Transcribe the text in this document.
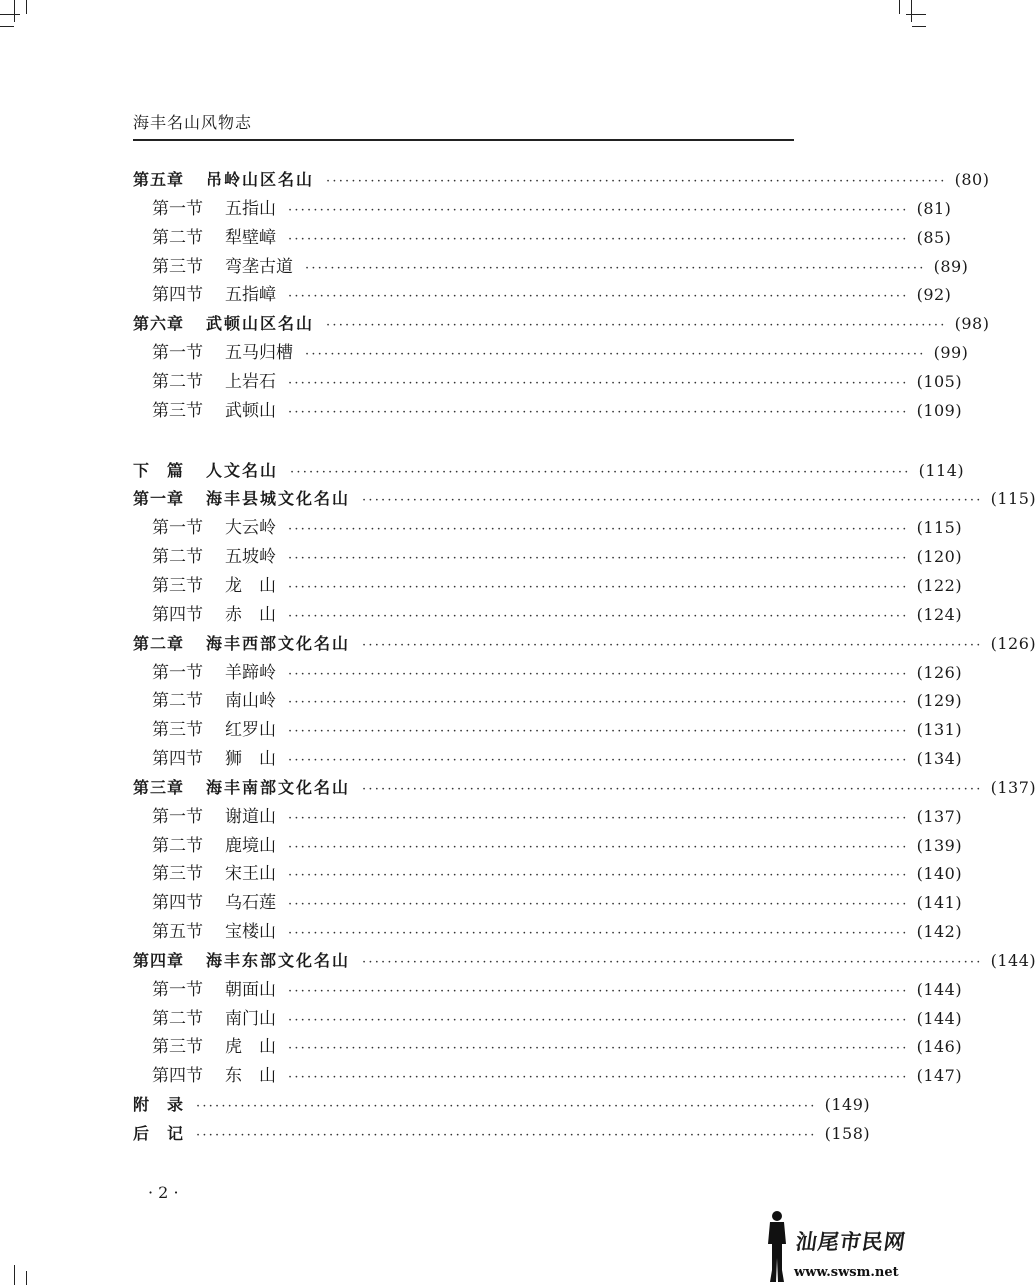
海丰名山风物志
第五章	吊岭山区名山 ·································································································· (80)
第一节	五指山 ·································································································· (81)
第二节	犁壁嶂 ·································································································· (85)
第三节	弯垄古道 ·································································································· (89)
第四节	五指嶂 ·································································································· (92)
第六章	武顿山区名山 ·································································································· (98)
第一节	五马归槽 ·································································································· (99)
第二节	上岩石 ·································································································· (105)
第三节	武顿山 ·································································································· (109)
下　篇	人文名山 ·································································································· (114)
第一章	海丰县城文化名山 ·································································································· (115)
第一节	大云岭 ·································································································· (115)
第二节	五坡岭 ·································································································· (120)
第三节	龙　山 ·································································································· (122)
第四节	赤　山 ·································································································· (124)
第二章	海丰西部文化名山 ·································································································· (126)
第一节	羊蹄岭 ·································································································· (126)
第二节	南山岭 ·································································································· (129)
第三节	红罗山 ·································································································· (131)
第四节	狮　山 ·································································································· (134)
第三章	海丰南部文化名山 ·································································································· (137)
第一节	谢道山 ·································································································· (137)
第二节	鹿境山 ·································································································· (139)
第三节	宋王山 ·································································································· (140)
第四节	乌石莲 ·································································································· (141)
第五节	宝楼山 ·································································································· (142)
第四章	海丰东部文化名山 ·································································································· (144)
第一节	朝面山 ·································································································· (144)
第二节	南门山 ·································································································· (144)
第三节	虎　山 ·································································································· (146)
第四节	东　山 ·································································································· (147)
附　录 ·································································································· (149)
后　记 ·································································································· (158)
· 2 ·
汕尾市民网
www.swsm.net
